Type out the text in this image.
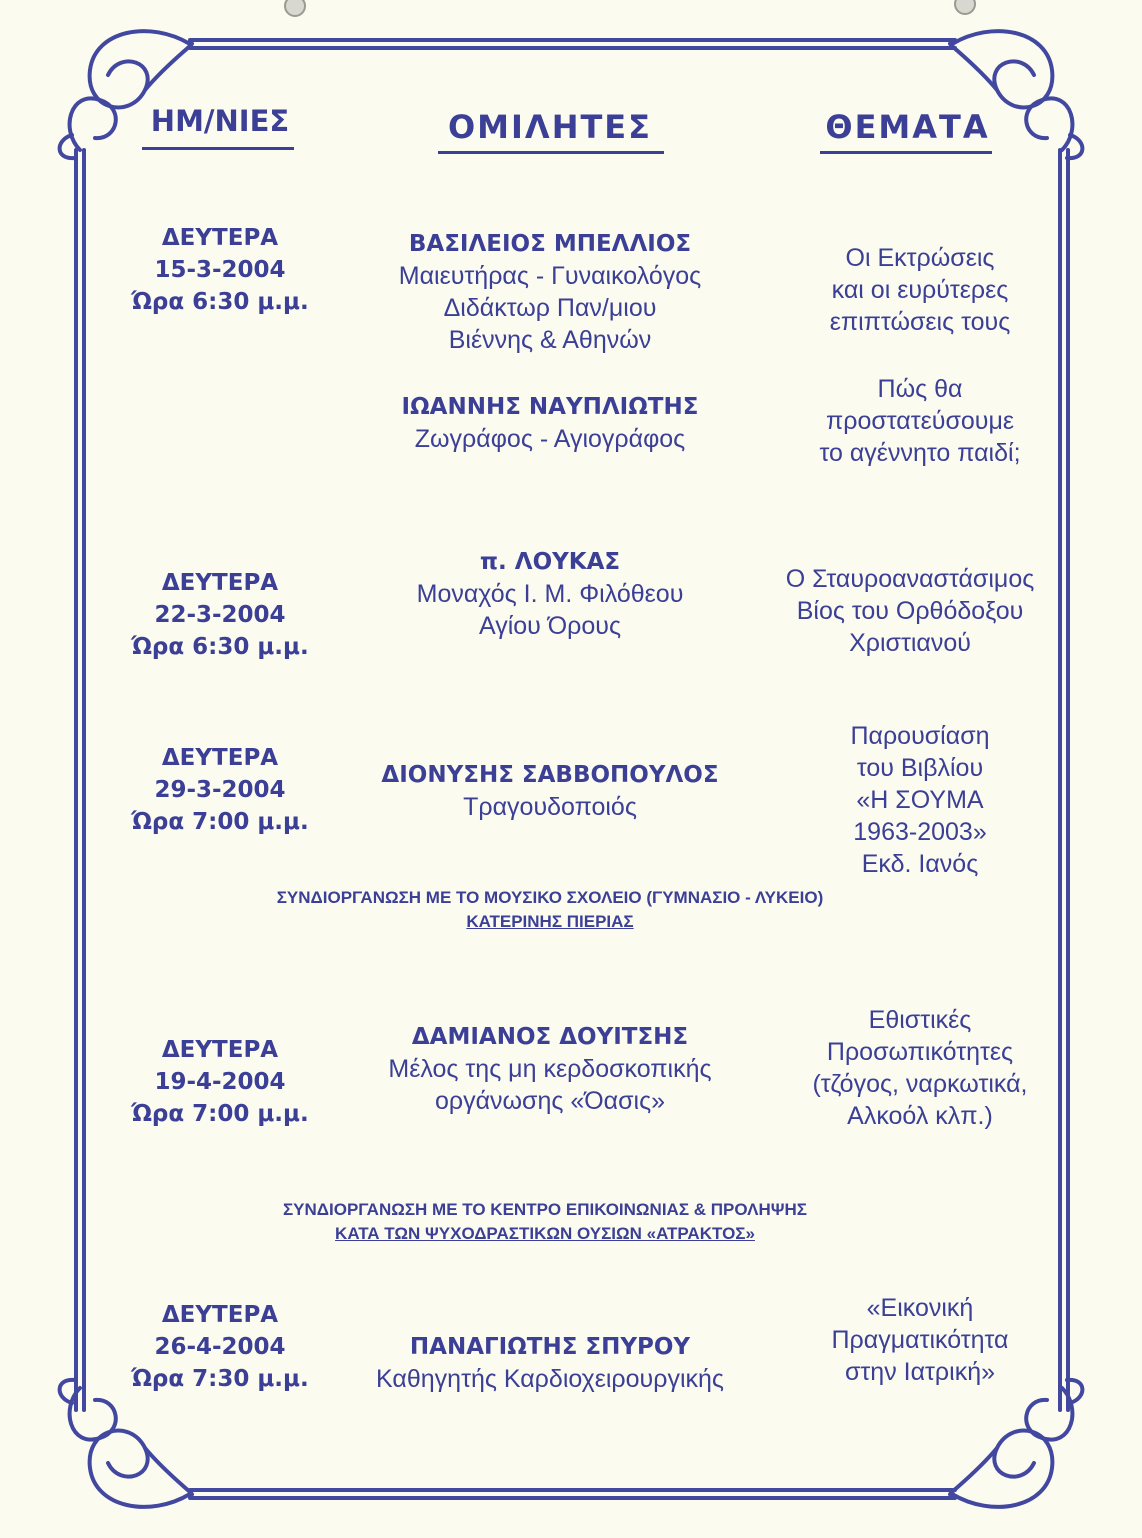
ΗΜ/ΝΙΕΣ	ΟΜΙΛΗΤΕΣ	ΘΕΜΑΤΑ
ΔΕΥΤΕΡΑ
15-3-2004
Ώρα 6:30 μ.μ.
ΒΑΣΙΛΕΙΟΣ ΜΠΕΛΛΙΟΣ
Μαιευτήρας - Γυναικολόγος
Διδάκτωρ Παν/μιου
Βιέννης & Αθηνών
Οι Εκτρώσεις
και οι ευρύτερες
επιπτώσεις τους
ΙΩΑΝΝΗΣ ΝΑΥΠΛΙΩΤΗΣ
Ζωγράφος - Αγιογράφος
Πώς θα
προστατεύσουμε
το αγέννητο παιδί;
ΔΕΥΤΕΡΑ
22-3-2004
Ώρα 6:30 μ.μ.
π. ΛΟΥΚΑΣ
Μοναχός Ι. Μ. Φιλόθεου
Αγίου Όρους
Ο Σταυροαναστάσιμος
Βίος του Ορθόδοξου
Χριστιανού
ΔΕΥΤΕΡΑ
29-3-2004
Ώρα 7:00 μ.μ.
ΔΙΟΝΥΣΗΣ ΣΑΒΒΟΠΟΥΛΟΣ
Τραγουδοποιός
Παρουσίαση
του Βιβλίου
«Η ΣΟΥΜΑ
1963-2003»
Εκδ. Ιανός
ΣΥΝΔΙΟΡΓΑΝΩΣΗ ΜΕ ΤΟ ΜΟΥΣΙΚΟ ΣΧΟΛΕΙΟ (ΓΥΜΝΑΣΙΟ - ΛΥΚΕΙΟ)
ΚΑΤΕΡΙΝΗΣ ΠΙΕΡΙΑΣ
ΔΕΥΤΕΡΑ
19-4-2004
Ώρα 7:00 μ.μ.
ΔΑΜΙΑΝΟΣ ΔΟΥΙΤΣΗΣ
Μέλος της μη κερδοσκοπικής
οργάνωσης «Όασις»
Εθιστικές
Προσωπικότητες
(τζόγος, ναρκωτικά,
Αλκοόλ κλπ.)
ΣΥΝΔΙΟΡΓΑΝΩΣΗ ΜΕ ΤΟ ΚΕΝΤΡΟ ΕΠΙΚΟΙΝΩΝΙΑΣ & ΠΡΟΛΗΨΗΣ
ΚΑΤΑ ΤΩΝ ΨΥΧΟΔΡΑΣΤΙΚΩΝ ΟΥΣΙΩΝ «ΑΤΡΑΚΤΟΣ»
ΔΕΥΤΕΡΑ
26-4-2004
Ώρα 7:30 μ.μ.
ΠΑΝΑΓΙΩΤΗΣ ΣΠΥΡΟΥ
Καθηγητής Καρδιοχειρουργικής
«Εικονική
Πραγματικότητα
στην Ιατρική»
